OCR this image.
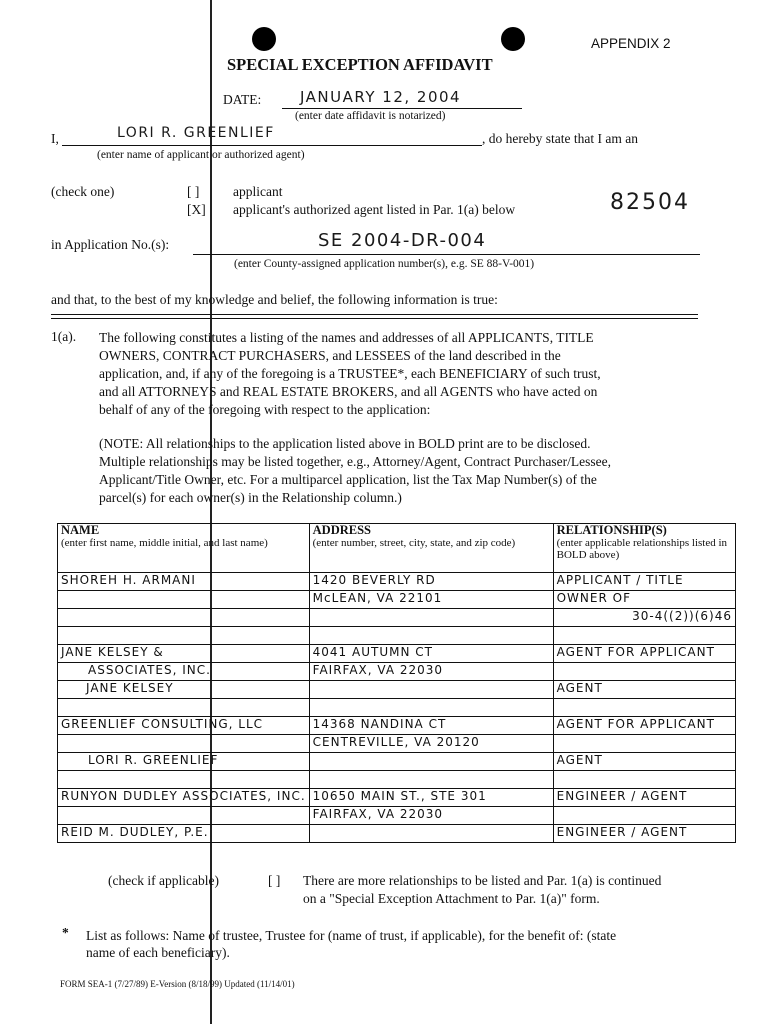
APPENDIX 2
SPECIAL EXCEPTION AFFIDAVIT
DATE:	JANUARY 12, 2004
(enter date affidavit is notarized)
I,	LORI R. GREENLIEF	, do hereby state that I am an
(enter name of applicant or authorized agent)
(check one)	[ ] applicant
[X] applicant's authorized agent listed in Par. 1(a) below	82504
in Application No.(s):	SE 2004-DR-004
(enter County-assigned application number(s), e.g. SE 88-V-001)
and that, to the best of my knowledge and belief, the following information is true:
1(a). The following constitutes a listing of the names and addresses of all APPLICANTS, TITLE
OWNERS, CONTRACT PURCHASERS, and LESSEES of the land described in the
application, and, if any of the foregoing is a TRUSTEE*, each BENEFICIARY of such trust,
and all ATTORNEYS and REAL ESTATE BROKERS, and all AGENTS who have acted on
behalf of any of the foregoing with respect to the application:
(NOTE: All relationships to the application listed above in BOLD print are to be disclosed.
Multiple relationships may be listed together, e.g., Attorney/Agent, Contract Purchaser/Lessee,
Applicant/Title Owner, etc. For a multiparcel application, list the Tax Map Number(s) of the
parcel(s) for each owner(s) in the Relationship column.)
NAME
(enter first name, middle initial, and last name)	ADDRESS
(enter number, street, city, state, and zip code)	RELATIONSHIP(S)
(enter applicable relationships listed in BOLD above)
SHOREH H. ARMANI	1420 BEVERLY RD	APPLICANT / TITLE
	McLEAN, VA 22101	OWNER OF
		30-4((2))(6)46

JANE KELSEY &	4041 AUTUMN CT	AGENT FOR APPLICANT
ASSOCIATES, INC.	FAIRFAX, VA 22030	
JANE KELSEY		AGENT

GREENLIEF CONSULTING, LLC	14368 NANDINA CT	AGENT FOR APPLICANT
	CENTREVILLE, VA 20120	
LORI R. GREENLIEF		AGENT

RUNYON DUDLEY ASSOCIATES, INC.	10650 MAIN ST., STE 301	ENGINEER / AGENT
	FAIRFAX, VA 22030	
REID M. DUDLEY, P.E.		ENGINEER / AGENT
(check if applicable)	[ ] There are more relationships to be listed and Par. 1(a) is continued
on a "Special Exception Attachment to Par. 1(a)" form.
* List as follows: Name of trustee, Trustee for (name of trust, if applicable), for the benefit of: (state
name of each beneficiary).
FORM SEA-1 (7/27/89) E-Version (8/18/99) Updated (11/14/01)
